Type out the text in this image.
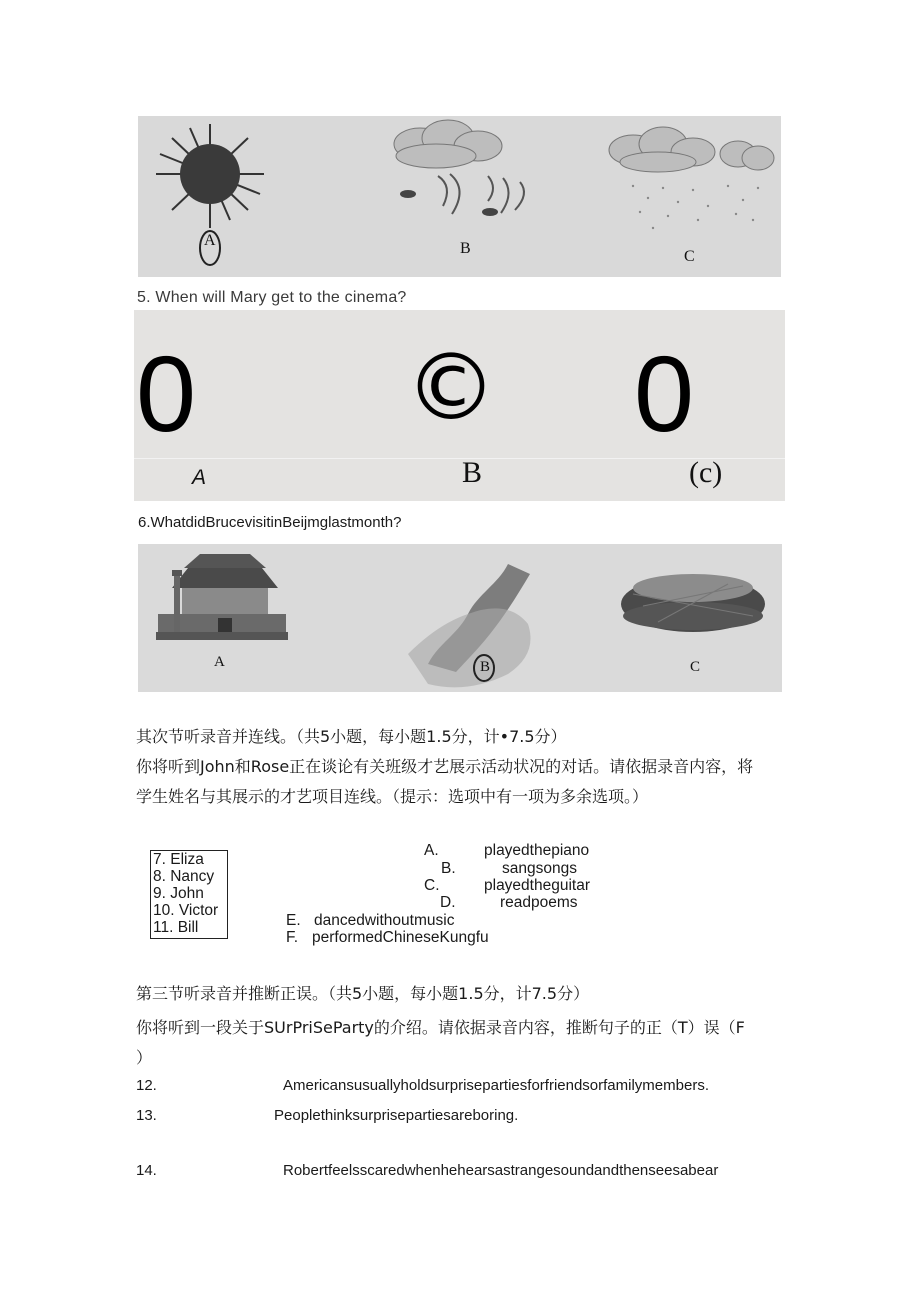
A	B	C
5. When will Mary get to the cinema?
0 © 0
A	B	(c)
6.WhatdidBrucevisitinBeijmglastmonth?
A	B	C
其次节听录音并连线。（共5小题，每小题1.5分，计•7.5分）
你将听到John和Rose正在谈论有关班级才艺展示活动状况的对话。请依据录音内容，将
学生姓名与其展示的才艺项目连线。（提示：选项中有一项为多余选项。）
7. Eliza
8. Nancy
9. John
10. Victor
11. Bill
A.	playedthepiano
B.	sangsongs
C.	playedtheguitar
D.	readpoems
E. dancedwithoutmusic
F. performedChineseKungfu
第三节听录音并推断正误。（共5小题，每小题1.5分，计7.5分）
你将听到一段关于SUrPriSeParty的介绍。请依据录音内容，推断句子的正（T）误（F
）
12.	Americansusuallyholdsurprisepartiesforfriendsorfamilymembers.
13.	Peoplethinksurprisepartiesareboring.
14.	Robertfeelsscaredwhenhehearsastrangesoundandthenseesabear
